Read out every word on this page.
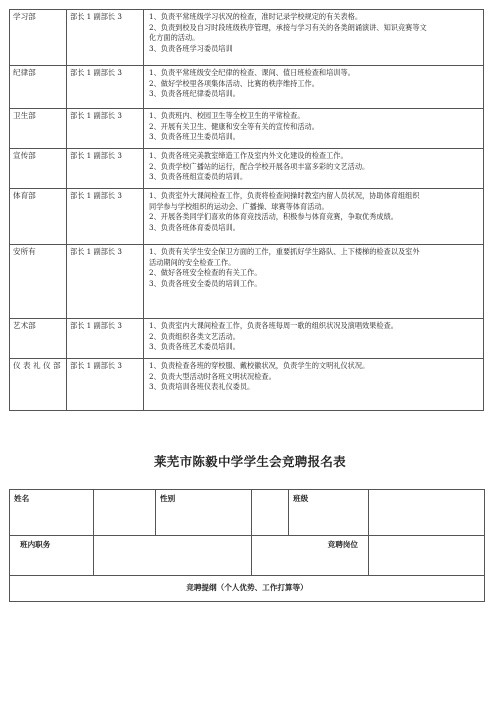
学习部	部长 1 副部长 3	1、负责平常班级学习状况的检查，准时记录学校规定的有关表格。
2、负责到校及自习时段班级秩序管理，承接与学习有关的各类朗诵演讲、知识竞赛等文
化方面的活动。
3、负责各班学习委员培训

纪律部	部长 1 副部长 3	1、负责平常班级安全纪律的检查、课间、值日班检查和培训等。
2、做好学校里各项集体活动、比赛的秩序维持工作。
3、负责各班纪律委员培训。

卫生部	部长 1 副部长 3	1、负责班内、校园卫生等全校卫生的平常检查。
2、开展有关卫生、健康和安全等有关的宣传和活动。
3、负责各班卫生委员培训。

宣传部	部长 1 副部长 3	1、负责各班完美教室缔造工作及室内外文化建设的检查工作。
2、负责学校广播站的运行，配合学校开展各项丰富多彩的文艺活动。
3、负责各班组宣委员的培训。

体育部	部长 1 副部长 3	1、负责室外大课间检查工作，负责将检查间操时教室内留人员状况，协助体育组组织
同学参与学校组织的运动会、广播操、球赛等体育活动。
2、开展各类同学们喜欢的体育竞技活动，积极参与体育竞赛，争取优秀成绩。
3、负责各班体育委员培训。

安所有	部长 1 副部长 3	1、负责有关学生安全保卫方面的工作，重要抓好学生路队、上下楼梯的检查以及室外
活动期间的安全检查工作。
2、做好各班安全检查的有关工作。
3、负责各班安全委员的培训工作。

艺术部	部长 1 副部长 3	1、负责室内大课间检查工作，负责各班每周一歌的组织状况及演唱效果检查。
2、负责组织各类文艺活动。
3、负责各班艺术委员培训。

仪 表 礼 仪 部	部长 1 副部长 3	1、负责检查各班的穿校服、戴校徽状况，负责学生的文明礼仪状况。
2、负责大型活动时各班文明状况检查。
3、负责培训各班仪表礼仪委员。
莱芜市陈毅中学学生会竞聘报名表
姓名		性别		班级	
班内职务			竞聘岗位		
竞聘提纲（个人优势、工作打算等）					
